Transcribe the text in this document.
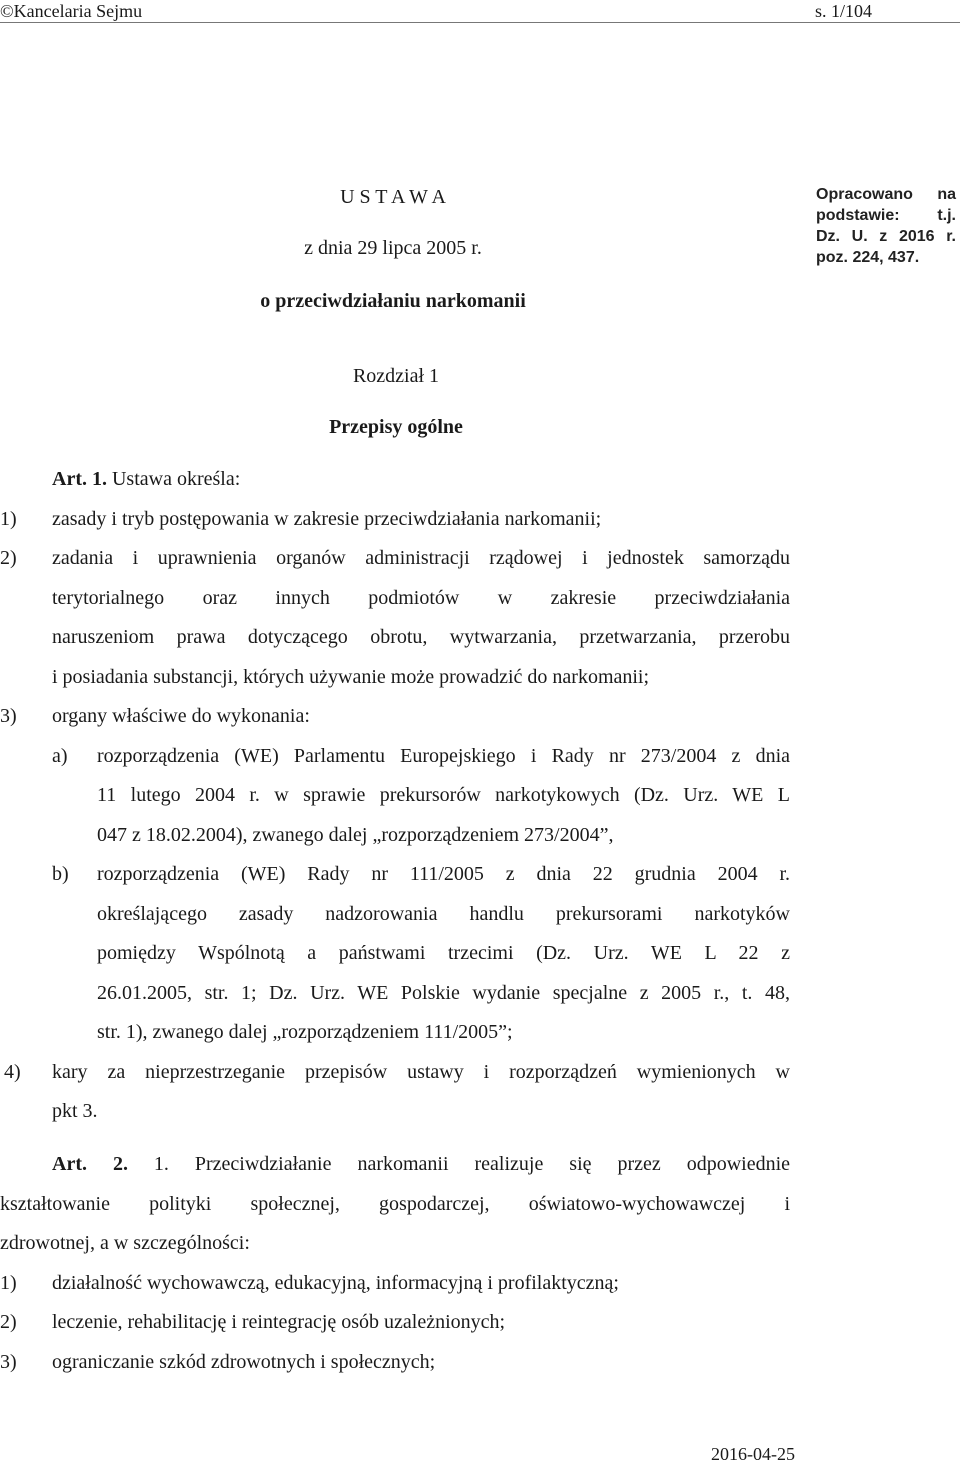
©Kancelaria Sejmu	s. 1/104
U S T A W A
z dnia 29 lipca 2005 r.
o przeciwdziałaniu narkomanii
Opracowano na
podstawie: t.j.
Dz. U. z 2016 r.
poz. 224, 437.
Rozdział 1
Przepisy ogólne
Art. 1. Ustawa określa:
1) zasady i tryb postępowania w zakresie przeciwdziałania narkomanii;
2) zadania i uprawnienia organów administracji rządowej i jednostek samorządu
terytorialnego oraz innych podmiotów w zakresie przeciwdziałania
naruszeniom prawa dotyczącego obrotu, wytwarzania, przetwarzania, przerobu
i posiadania substancji, których używanie może prowadzić do narkomanii;
3) organy właściwe do wykonania:
a) rozporządzenia (WE) Parlamentu Europejskiego i Rady nr 273/2004 z dnia
11 lutego 2004 r. w sprawie prekursorów narkotykowych (Dz. Urz. WE L
047 z 18.02.2004), zwanego dalej „rozporządzeniem 273/2004”,
b) rozporządzenia (WE) Rady nr 111/2005 z dnia 22 grudnia 2004 r.
określającego zasady nadzorowania handlu prekursorami narkotyków
pomiędzy Wspólnotą a państwami trzecimi (Dz. Urz. WE L 22 z
26.01.2005, str. 1; Dz. Urz. WE Polskie wydanie specjalne z 2005 r., t. 48,
str. 1), zwanego dalej „rozporządzeniem 111/2005”;
4) kary za nieprzestrzeganie przepisów ustawy i rozporządzeń wymienionych w
pkt 3.
Art. 2. 1. Przeciwdziałanie narkomanii realizuje się przez odpowiednie
kształtowanie polityki społecznej, gospodarczej, oświatowo-wychowawczej i
zdrowotnej, a w szczególności:
1) działalność wychowawczą, edukacyjną, informacyjną i profilaktyczną;
2) leczenie, rehabilitację i reintegrację osób uzależnionych;
3) ograniczanie szkód zdrowotnych i społecznych;
2016-04-25
